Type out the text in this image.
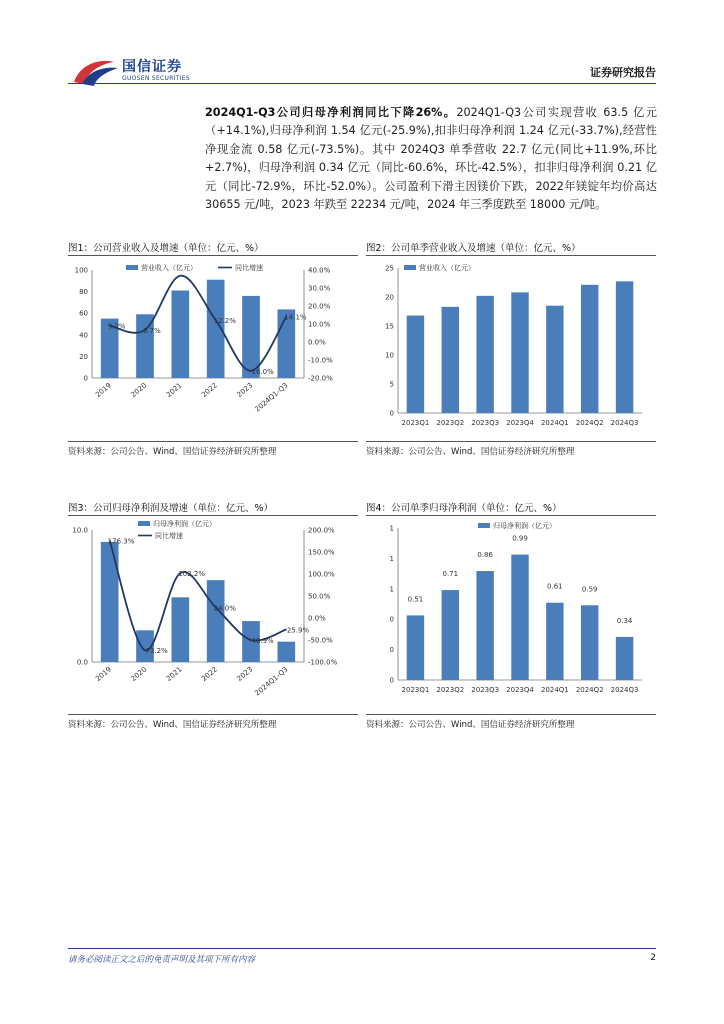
国信证券
GUOSEN SECURITIES	证券研究报告
2024Q1-Q3公司归母净利润同比下降26%。2024Q1-Q3公司实现营收 63.5 亿元（+14.1%),归母净利润 1.54 亿元(-25.9%),扣非归母净利润 1.24 亿元(-33.7%),经营性净现金流 0.58 亿元(-73.5%)。其中 2024Q3 单季营收 22.7 亿元(同比+11.9%,环比+2.7%)，归母净利润 0.34 亿元（同比-60.6%，环比-42.5%），扣非归母净利润 0.21 亿元（同比-72.9%，环比-52.0%）。公司盈利下滑主因镁价下跌，2022年镁锭年均价高达 30655 元/吨，2023 年跌至 22234 元/吨，2024 年三季度跌至 18000 元/吨。
图1：公司营业收入及增速（单位：亿元、%）
0
20
40
60
80
100
-20.0%
-10.0%
0.0%
10.0%
20.0%
30.0%
40.0%
2019 2020 2021 2022 2023 2024Q1-Q3
9.2%
6.7%
12.2%
-16.0%
14.1%
营业收入（亿元）	同比增速
资料来源：公司公告、Wind、国信证券经济研究所整理
图2：公司单季营业收入及增速（单位：亿元、%）
0
5
10
15
20
25
2023Q1 2023Q2 2023Q3 2023Q4 2024Q1 2024Q2 2024Q3
营业收入（亿元）
资料来源：公司公告、Wind、国信证券经济研究所整理
图3：公司归母净利润及增速（单位：亿元、%）
0.0
10.0
-100.0%
-50.0%
0.0%
50.0%
100.0%
150.0%
200.0%
2019 2020 2021 2022 2023 2024Q1-Q3
176.3%
-73.2%
102.2%
24.0%
-49.9%
-25.9%
归母净利润（亿元）
同比增速
资料来源：公司公告、Wind、国信证券经济研究所整理
图4：公司单季归母净利润（单位：亿元、%）
0
0
0
1
1
1
0.51
2023Q1
0.71
2023Q2
0.86
2023Q3
0.99
2023Q4
0.61
2024Q1
0.59
2024Q2
0.34
2024Q3
归母净利润（亿元）
资料来源：公司公告、Wind、国信证券经济研究所整理
请务必阅读正文之后的免责声明及其项下所有内容	2
